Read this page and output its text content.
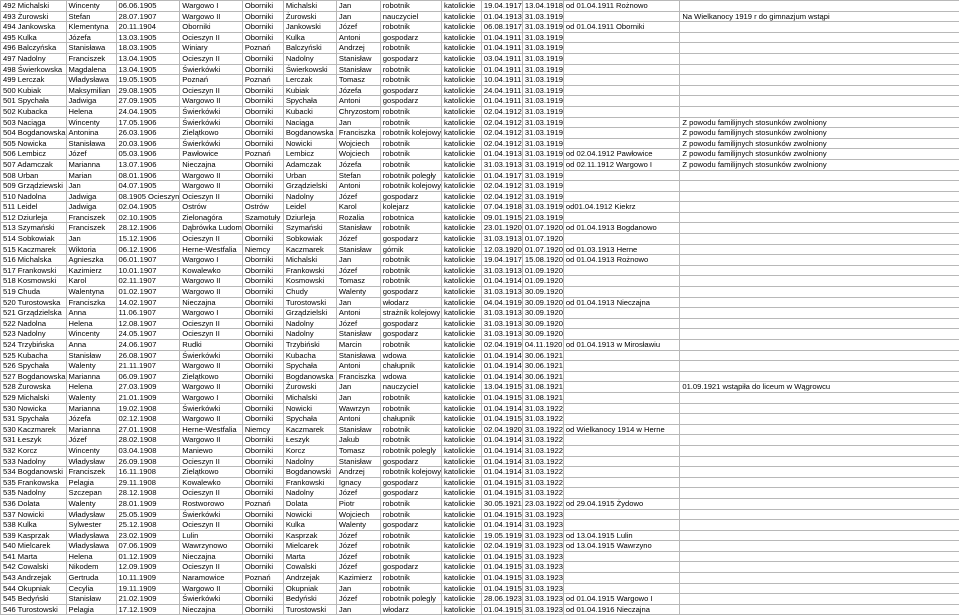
492 Michalski	Wincenty	06.06.1905	Wargowo I	Oborniki	Michalski	Jan	robotnik	katolickie	19.04.1917	13.04.1918	od 01.04.1911 Rożnowo	
493 Żurowski	Stefan	28.07.1907	Wargowo II	Oborniki	Żurowski	Jan	nauczyciel	katolickie	01.04.1913	31.03.1919		Na Wielkanocy 1919 r do gimnazjum wstąpi
494 Jankowska	Klementyna	20.11.1904	Oborniki	Oborniki	Jankowski	Józef	robotnik	katolickie	06.08.1917	31.03.1919	od 01.04.1911 Oborniki	
495 Kulka	Józefa	13.03.1905	Ocieszyn II	Oborniki	Kulka	Antoni	gospodarz	katolickie	01.04.1911	31.03.1919		
496 Balczyńska	Stanisława	18.03.1905	Winiary	Poznań	Balczyński	Andrzej	robotnik	katolickie	01.04.1911	31.03.1919		
497 Nadolny	Franciszek	13.04.1905	Ocieszyn II	Oborniki	Nadolny	Stanisław	gospodarz	katolickie	03.04.1911	31.03.1919		
498 Świerkowska	Magdalena	13.04.1905	Świerkówki	Oborniki	Świerkowski	Stanisław	robotnik	katolickie	01.04.1911	31.03.1919		
499 Lerczak	Władysława	19.05.1905	Poznań	Poznań	Lerczak	Tomasz	robotnik	katolickie	10.04.1911	31.03.1919		
500 Kubiak	Maksymilian	29.08.1905	Ocieszyn II	Oborniki	Kubiak	Józefa	gospodarz	katolickie	24.04.1911	31.03.1919		
501 Spychała	Jadwiga	27.09.1905	Wargowo II	Oborniki	Spychała	Antoni	gospodarz	katolickie	01.04.1911	31.03.1919		
502 Kubacka	Helena	24.04.1905	Świerkówki	Oborniki	Kubacki	Chryzostom	robotnik	katolickie	02.04.1912	31.03.1919		
503 Naciąga	Wincenty	17.05.1906	Świerkówki	Oborniki	Naciąga	Jan	robotnik	katolickie	02.04.1912	31.03.1919		Z powodu familijnych stosunków zwolniony
504 Bogdanowska	Antonina	26.03.1906	Zielątkowo	Oborniki	Bogdanowska	Franciszka	robotnik kolejowy	katolickie	02.04.1912	31.03.1919		Z powodu familijnych stosunków zwolniony
505 Nowicka	Stanisława	20.03.1906	Świerkówki	Oborniki	Nowicki	Wojciech	robotnik	katolickie	02.04.1912	31.03.1919		Z powodu familijnych stosunków zwolniony
506 Lembicz	Józef	05.03.1906	Pawłowice	Poznań	Lembicz	Wojciech	robotnik	katolickie	01.04.1913	31.03.1919	od 02.04.1912 Pawłowice	Z powodu familijnych stosunków zwolniony
507 Adamczak	Marianna	13.07.1906	Nieczajna	Oborniki	Adamczak	Józefa	robotnik	katolickie	31.03.1913	31.03.1919	od 02.11.1912 Wargowo I	Z powodu familijnych stosunków zwolniony
508 Urban	Marian	08.01.1906	Wargowo II	Oborniki	Urban	Stefan	robotnik poległy	katolickie	01.04.1917	31.03.1919		
509 Grządziewski	Jan	04.07.1905	Wargowo II	Oborniki	Grządzielski	Antoni	robotnik kolejowy	katolickie	02.04.1912	31.03.1919		
510 Nadolna	Jadwiga	08.1905 Ocieszyn	Ocieszyn II	Oborniki	Nadolny	Józef	gospodarz	katolickie	02.04.1912	31.03.1919		
511 Leidel	Jadwiga	02.04.1905	Ostrów	Ostrów	Leidel	Karol	kolejarz	katolickie	07.04.1918	31.03.1919	od01.04.1912 Kiekrz	
512 Dziurleja	Franciszek	02.10.1905	Zielonagóra	Szamotuły	Dziurleja	Rozalia	robotnica	katolickie	09.01.1915	21.03.1919		
513 Szymański	Franciszek	28.12.1906	Dąbrówka Ludom	Oborniki	Szymański	Stanisław	robotnik	katolickie	23.01.1920	01.07.1920	od 01.04.1913 Bogdanowo	
514 Sobkowiak	Jan	15.12.1906	Ocieszyn II	Oborniki	Sobkowiak	Józef	gospodarz	katolickie	31.03.1913	01.07.1920		
515 Kaczmarek	Wiktoria	06.12.1906	Herne-Westfalia	Niemcy	Kaczmarek	Stanisław	górnik	katolickie	12.03.1920	01.07.1920	od 01.03.1913 Herne	
516 Michalska	Agnieszka	06.01.1907	Wargowo I	Oborniki	Michalski	Jan	robotnik	katolickie	19.04.1917	15.08.1920	od 01.04.1913 Rożnowo	
517 Frankowski	Kazimierz	10.01.1907	Kowalewko	Oborniki	Frankowski	Józef	robotnik	katolickie	31.03.1913	01.09.1920		
518 Kosmowski	Karol	02.11.1907	Wargowo II	Oborniki	Kosmowski	Tomasz	robotnik	katolickie	01.04.1914	01.09.1920		
519 Chuda	Walentyna	01.02.1907	Wargowo II	Oborniki	Chudy	Walenty	gospodarz	katolickie	31.03.1913	30.09.1920		
520 Turostowska	Franciszka	14.02.1907	Nieczajna	Oborniki	Turostowski	Jan	włodarz	katolickie	04.04.1919	30.09.1920	od 01.04.1913 Nieczajna	
521 Grządzielska	Anna	11.06.1907	Wargowo I	Oborniki	Grządzielski	Antoni	strażnik kolejowy	katolickie	31.03.1913	30.09.1920		
522 Nadolna	Helena	12.08.1907	Ocieszyn II	Oborniki	Nadolny	Józef	gospodarz	katolickie	31.03.1913	30.09.1920		
523 Nadolny	Wincenty	24.05.1907	Ocieszyn II	Oborniki	Nadolny	Stanisław	gospodarz	katolickie	31.03.1913	30.09.1920		
524 Trzybińska	Anna	24.06.1907	Rudki	Oborniki	Trzybiński	Marcin	robotnik	katolickie	02.04.1919	04.11.1920	od 01.04.1913 w Mirosławiu	
525 Kubacha	Stanisław	26.08.1907	Świerkówki	Oborniki	Kubacha	Stanisława	wdowa	katolickie	01.04.1914	30.06.1921		
526 Spychała	Walenty	21.11.1907	Wargowo II	Oborniki	Spychała	Antoni	chałupnik	katolickie	01.04.1914	30.06.1921		
527 Bogdanowska	Marianna	06.09.1907	Zielątkowo	Oborniki	Bogdanowska	Franciszka	wdowa	katolickie	01.04.1914	30.06.1921		
528 Żurowska	Helena	27.03.1909	Wargowo II	Oborniki	Żurowski	Jan	nauczyciel	katolickie	13.04.1915	31.08.1921		01.09.1921 wstąpiła do liceum w Wągrowcu
529 Michalski	Walenty	21.01.1909	Wargowo I	Oborniki	Michalski	Jan	robotnik	katolickie	01.04.1915	31.08.1921		
530 Nowicka	Marianna	19.02.1908	Świerkówki	Oborniki	Nowicki	Wawrzyn	robotnik	katolickie	01.04.1914	31.03.1922		
531 Spychała	Józefa	02.12.1908	Wargowo II	Oborniki	Spychała	Antoni	chałupnik	katolickie	01.04.1915	31.03.1922		
530 Kaczmarek	Marianna	27.01.1908	Herne-Westfalia	Niemcy	Kaczmarek	Stanisław	robotnik	katolickie	02.04.1920	31.03.1922	od Wielkanocy 1914 w Herne	
531 Łeszyk	Józef	28.02.1908	Wargowo II	Oborniki	Łeszyk	Jakub	robotnik	katolickie	01.04.1914	31.03.1922		
532 Korcz	Wincenty	03.04.1908	Maniewo	Oborniki	Korcz	Tomasz	robotnik polegly	katolickie	01.04.1914	31.03.1922		
533 Nadolny	Władysław	26.09.1908	Ocieszyn II	Oborniki	Nadolny	Stanisław	gospodarz	katolickie	01.04.1914	31.03.1922		
534 Bogdanowski	Franciszek	16.11.1908	Zielątkowo	Oborniki	Bogdanowski	Andrzej	robotnik kolejowy	katolickie	01.04.1914	31.03.1922		
535 Frankowska	Pelagia	29.11.1908	Kowalewko	Oborniki	Frankowski	Ignacy	gospodarz	katolickie	01.04.1915	31.03.1922		
535 Nadolny	Szczepan	28.12.1908	Ocieszyn II	Oborniki	Nadolny	Józef	gospodarz	katolickie	01.04.1915	31.03.1922		
536 Dolata	Walenty	28.01.1909	Rostworowo	Poznań	Dolata	Piotr	robotnik	katolickie	30.05.1921	23.03.1922	od 29.04.1915 Żydowo	
537 Nowicki	Władysław	25.05.1909	Świerkówki	Oborniki	Nowicki	Wojciech	robotnik	katolickie	01.04.1915	31.03.1923		
538 Kulka	Sylwester	25.12.1908	Ocieszyn II	Oborniki	Kulka	Walenty	gospodarz	katolickie	01.04.1914	31.03.1923		
539 Kasprzak	Władysława	23.02.1909	Lulin	Oborniki	Kasprzak	Józef	robotnik	katolickie	19.05.1919	31.03.1923	od 13.04.1915 Lulin	
540 Mielcarek	Władysława	07.06.1909	Wawrzynowo	Oborniki	Mielcarek	Józef	robotnik	katolickie	02.04.1919	31.03.1923	od 13.04.1915 Wawrzyno	
541 Marta	Helena	01.12.1909	Nieczajna	Oborniki	Marta	Józef	robotnik	katolickie	01.04.1915	31.03.1923		
542 Cowalski	Nikodem	12.09.1909	Ocieszyn II	Oborniki	Cowalski	Józef	gospodarz	katolickie	01.04.1915	31.03.1923		
543 Andrzejak	Gertruda	10.11.1909	Naramowice	Poznań	Andrzejak	Kazimierz	robotnik	katolickie	01.04.1915	31.03.1923		
544 Okupniak	Cecylia	19.11.1909	Wargowo II	Oborniki	Okupniak	Jan	robotnik	katolickie	01.04.1915	31.03.1923		
545 Bedyński	Stanisław	21.02.1909	Świerkówki	Oborniki	Bedyński	Józef	robotnik polegly	katolickie	28.06.1923	31.03.1923	od 01.04.1915 Wargowo I	
546 Turostowski	Pelagia	17.12.1909	Nieczajna	Oborniki	Turostowski	Jan	włodarz	katolickie	01.04.1915	31.03.1923	od 01.04.1916 Nieczajna	
